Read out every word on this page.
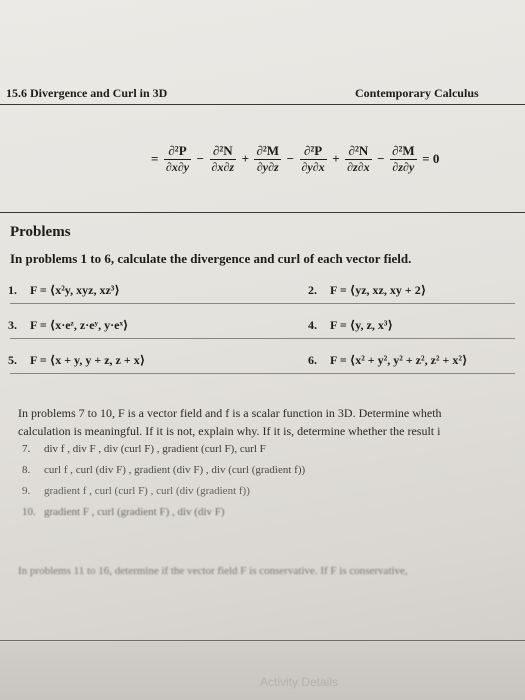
15.6 Divergence and Curl in 3D	Contemporary Calculus
= $\frac{\text{∂²P}}{\partial x\partial y} - \frac{\text{∂²N}}{\partial x\partial z} + \frac{\text{∂²M}}{\partial y\partial z} - \frac{\text{∂²P}}{\partial y\partial x} + \frac{\text{∂²N}}{\partial z\partial x} - \frac{\text{∂²M}}{\partial z\partial y} = 0$
Problems
In problems 1 to 6, calculate the divergence and curl of each vector field.
1. F = ⟨x²y, xyz, xz³⟩	2. F = ⟨yz, xz, xy + 2⟩
3. F = ⟨x·eᶻ, z·eʸ, y·eˣ⟩	4. F = ⟨y, z, x³⟩
5. F = ⟨x + y, y + z, z + x⟩	6. F = ⟨x² + y², y² + z², z² + x²⟩
In problems 7 to 10, F is a vector field and f is a scalar function in 3D. Determine wheth
calculation is meaningful. If it is not, explain why. If it is, determine whether the result i
7. div f , div F , div (curl F) , gradient (curl F), curl F
8. curl f , curl (div F) , gradient (div F) , div (curl (gradient f))
9. gradient f , curl (curl F) , curl (div (gradient f))
10. gradient F , curl (gradient F) , div (div F)
In problems 11 to 16, determine if the vector field F is conservative. If F is conservative,
Activity Details
